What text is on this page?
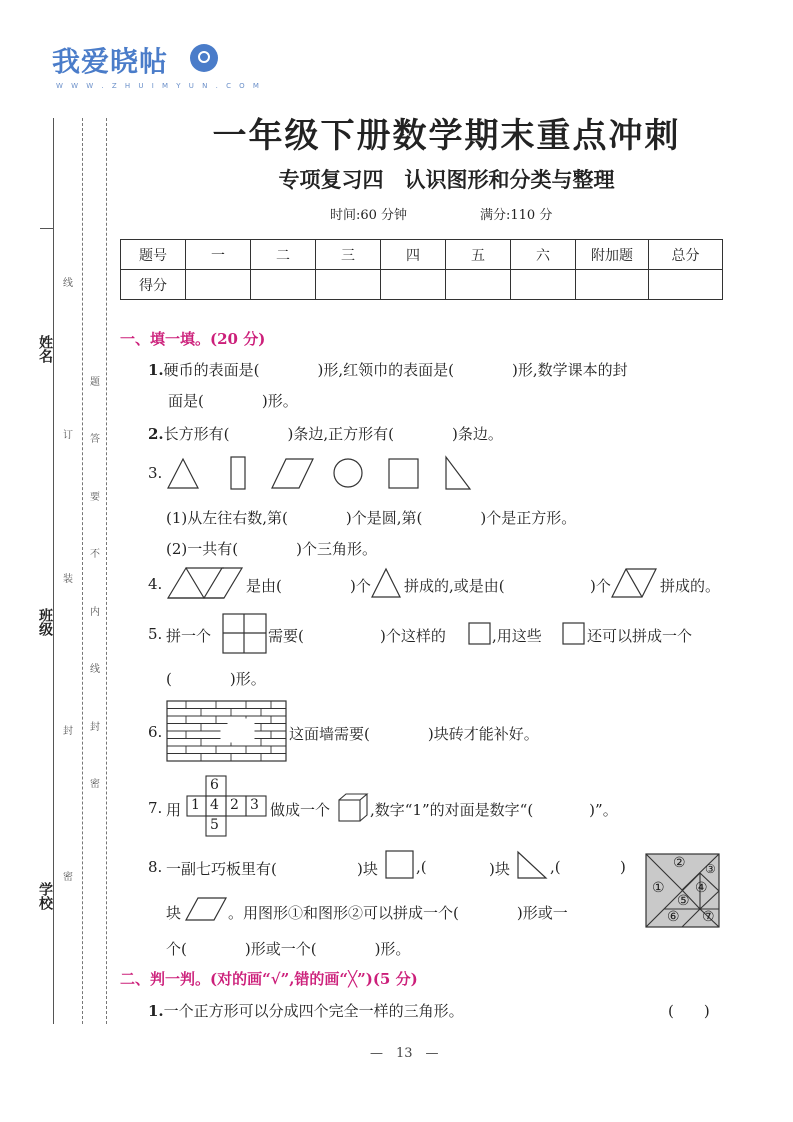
我爱晓帖
W W W . Z H U I M Y U N . C O M
姓名
班级
学校
线
订
装
封
密
题
答
要
不
内
线
封
密
一年级下册数学期末重点冲刺
专项复习四　认识图形和分类与整理
时间:60 分钟	满分:110 分
题号	一	二	三	四	五	六	附加题	总分
得分								
一、填一填。(20 分)
1.硬币的表面是(	)形,红领巾的表面是(	)形,数学课本的封
面是(	)形。
2.长方形有(	)条边,正方形有(	)条边。
3.
(1)从左往右数,第(	)个是圆,第(	)个是正方形。
(2)一共有(	)个三角形。
4.	是由(	)个 拼成的,或是由(	)个	拼成的。
5. 拼一个	需要(	)个这样的	,用这些	还可以拼成一个
(	)形。
6.	这面墙需要(	)块砖才能补好。
7. 用
6
1 4 2 3
5
做成一个	,数字“1”的对面是数字“(	)”。
8. 一副七巧板里有(	)块	,(	)块	,(	)	② ③
① ④
⑤
⑥ ⑦
块	。用图形①和图形②可以拼成一个(	)形或一
个(	)形或一个(	)形。
二、判一判。(对的画“√”,错的画“╳”)(5 分)
1.一个正方形可以分成四个完全一样的三角形。	(　　)
—　13　—
